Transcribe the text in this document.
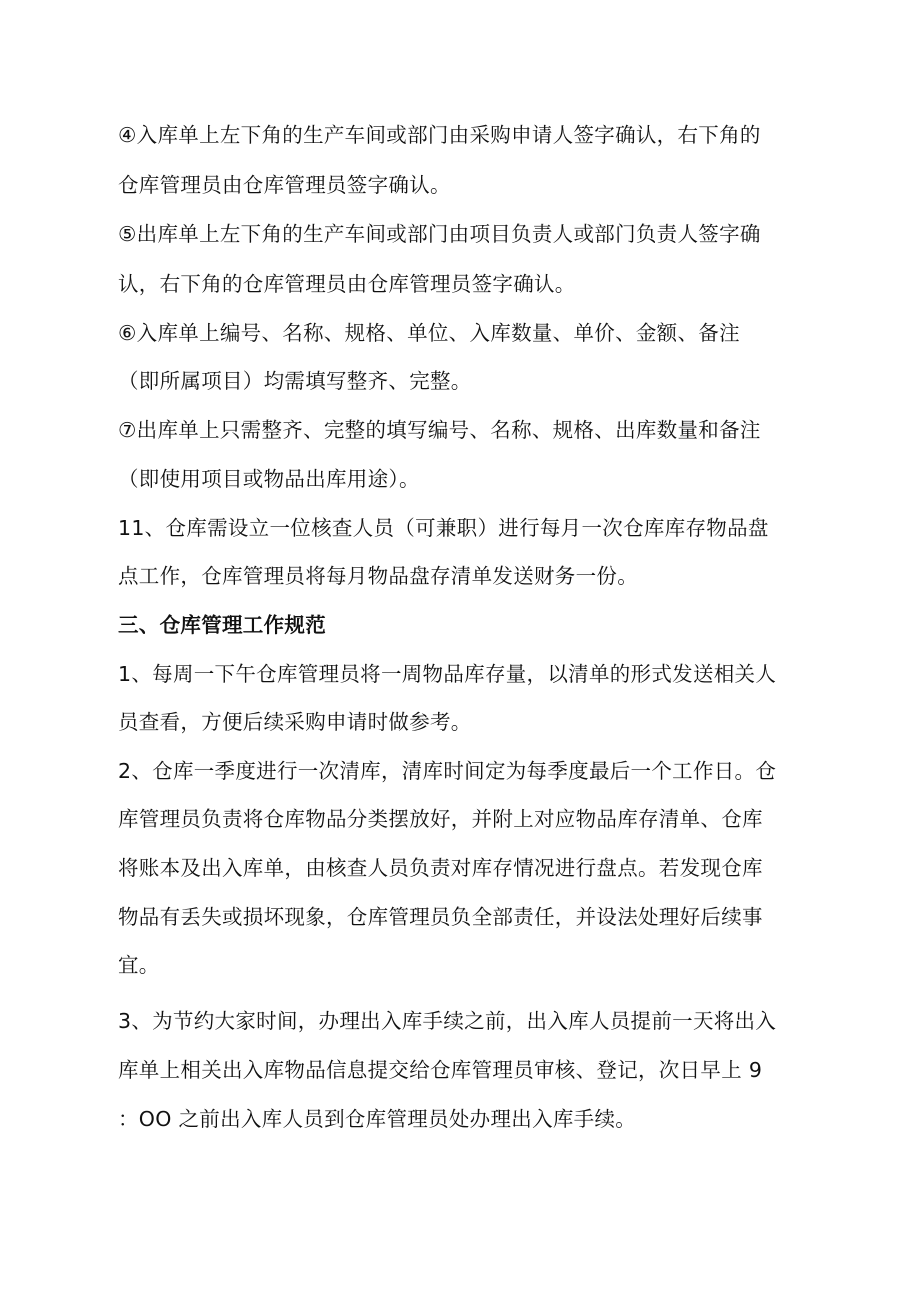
④入库单上左下角的生产车间或部门由采购申请人签字确认，右下角的
仓库管理员由仓库管理员签字确认。
⑤出库单上左下角的生产车间或部门由项目负责人或部门负责人签字确
认，右下角的仓库管理员由仓库管理员签字确认。
⑥入库单上编号、名称、规格、单位、入库数量、单价、金额、备注
（即所属项目）均需填写整齐、完整。
⑦出库单上只需整齐、完整的填写编号、名称、规格、出库数量和备注
（即使用项目或物品出库用途）。
11、仓库需设立一位核查人员（可兼职）进行每月一次仓库库存物品盘
点工作，仓库管理员将每月物品盘存清单发送财务一份。
三、仓库管理工作规范
1、每周一下午仓库管理员将一周物品库存量，以清单的形式发送相关人
员查看，方便后续采购申请时做参考。
2、仓库一季度进行一次清库，清库时间定为每季度最后一个工作日。仓
库管理员负责将仓库物品分类摆放好，并附上对应物品库存清单、仓库
将账本及出入库单，由核查人员负责对库存情况进行盘点。若发现仓库
物品有丢失或损坏现象，仓库管理员负全部责任，并设法处理好后续事
宜。
3、为节约大家时间，办理出入库手续之前，出入库人员提前一天将出入
库单上相关出入库物品信息提交给仓库管理员审核、登记，次日早上 9
：OO 之前出入库人员到仓库管理员处办理出入库手续。
